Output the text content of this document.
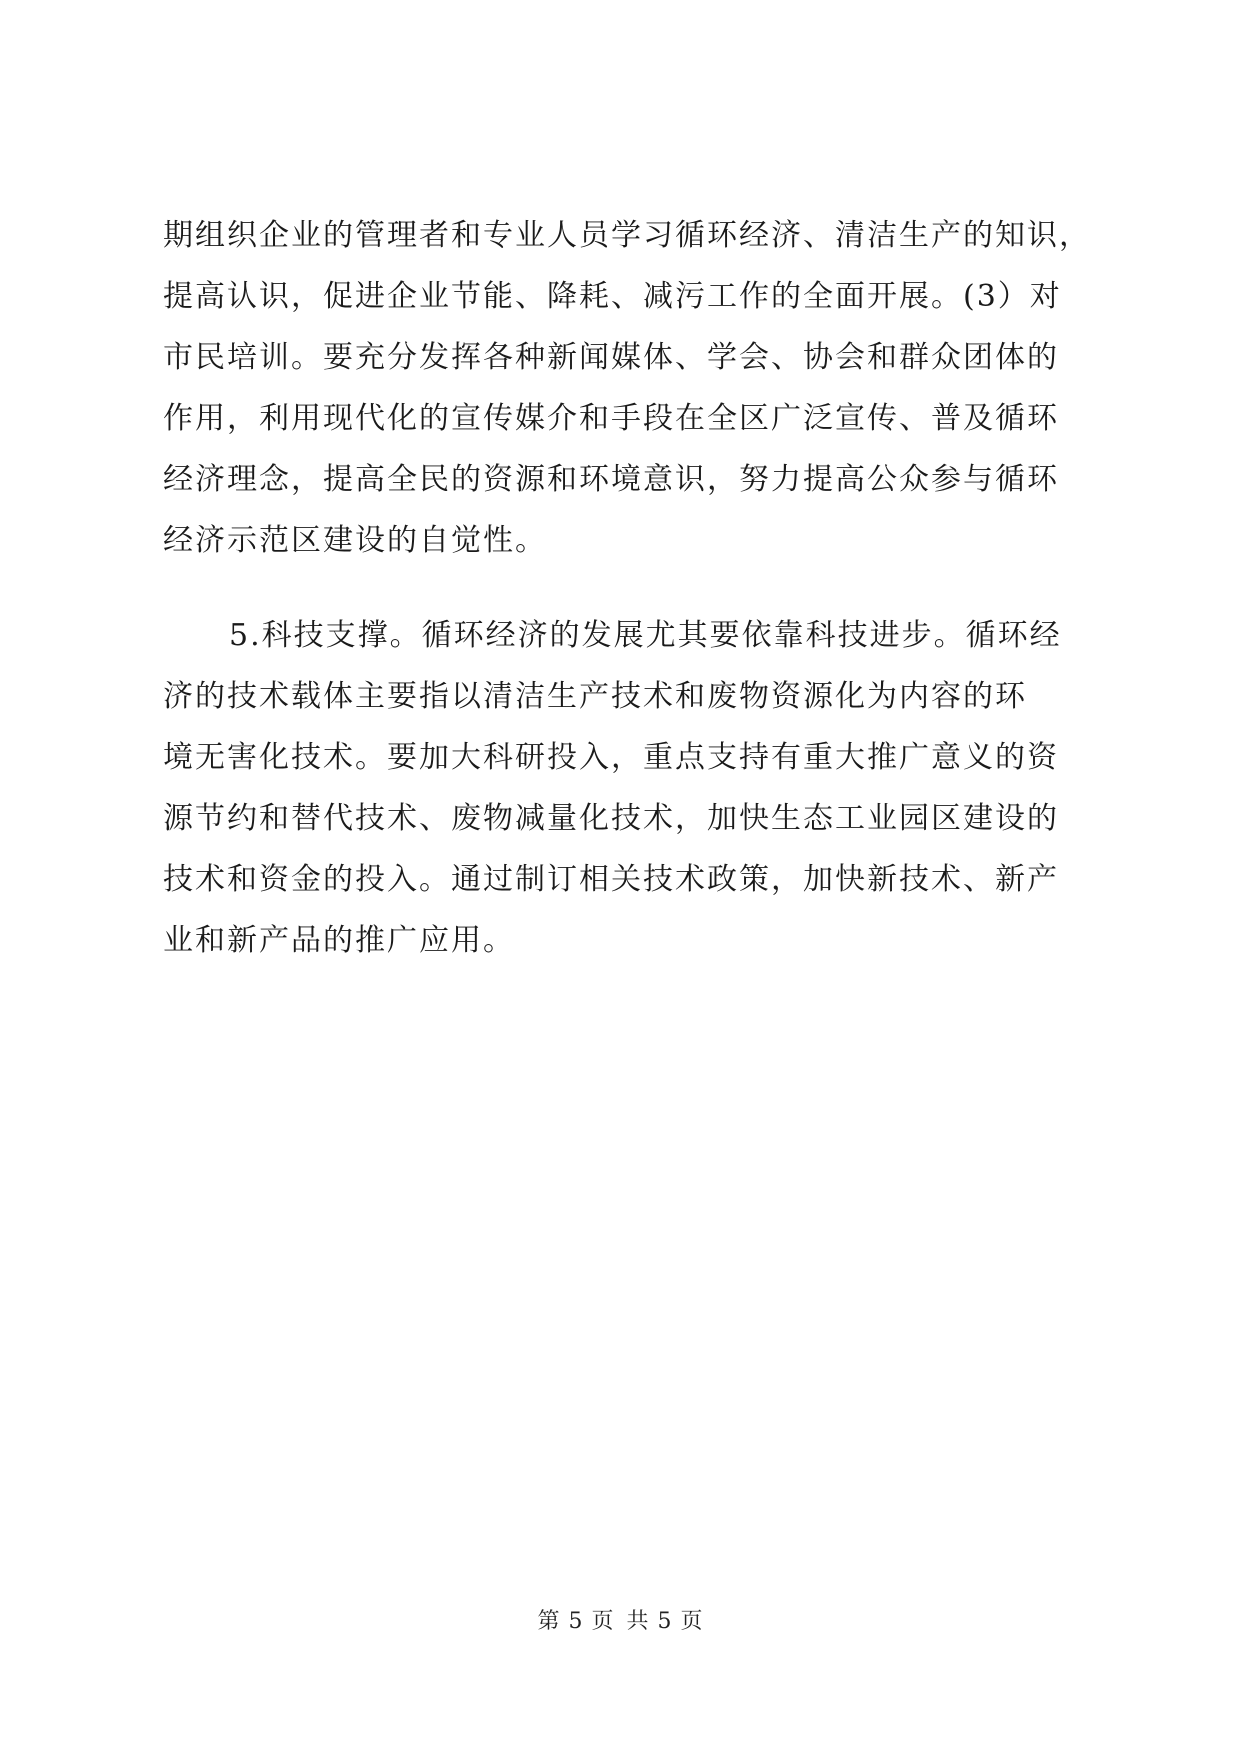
期组织企业的管理者和专业人员学习循环经济、清洁生产的知识，
提高认识，促进企业节能、降耗、减污工作的全面开展。(3）对
市民培训。要充分发挥各种新闻媒体、学会、协会和群众团体的
作用，利用现代化的宣传媒介和手段在全区广泛宣传、普及循环
经济理念，提高全民的资源和环境意识，努力提高公众参与循环
经济示范区建设的自觉性。
5.科技支撑。循环经济的发展尤其要依靠科技进步。循环经
济的技术载体主要指以清洁生产技术和废物资源化为内容的环
境无害化技术。要加大科研投入，重点支持有重大推广意义的资
源节约和替代技术、废物减量化技术，加快生态工业园区建设的
技术和资金的投入。通过制订相关技术政策，加快新技术、新产
业和新产品的推广应用。
第 5 页 共 5 页
